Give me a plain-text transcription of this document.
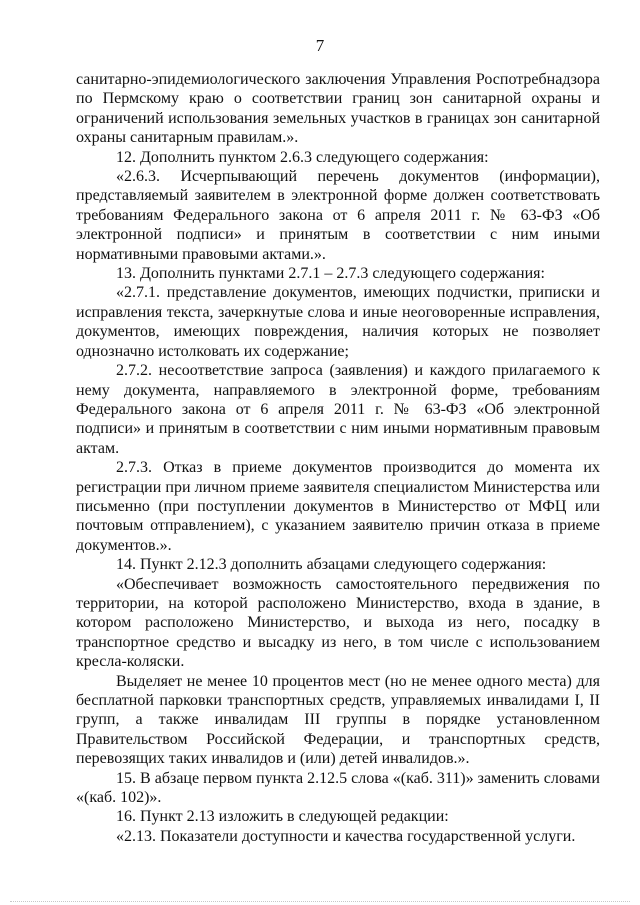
7

санитарно-эпидемиологического заключения Управления Роспотребнадзора по Пермскому краю о соответствии границ зон санитарной охраны и ограничений использования земельных участков в границах зон санитарной охраны санитарным правилам.».

12. Дополнить пунктом 2.6.3 следующего содержания:

«2.6.3. Исчерпывающий перечень документов (информации), представляемый заявителем в электронной форме должен соответствовать требованиям Федерального закона от 6 апреля 2011 г. № 63-ФЗ «Об электронной подписи» и принятым в соответствии с ним иными нормативными правовыми актами.».

13. Дополнить пунктами 2.7.1 – 2.7.3 следующего содержания:

«2.7.1. представление документов, имеющих подчистки, приписки и исправления текста, зачеркнутые слова и иные неоговоренные исправления, документов, имеющих повреждения, наличия которых не позволяет однозначно истолковать их содержание;

2.7.2. несоответствие запроса (заявления) и каждого прилагаемого к нему документа, направляемого в электронной форме, требованиям Федерального закона от 6 апреля 2011 г. № 63-ФЗ «Об электронной подписи» и принятым в соответствии с ним иными нормативным правовым актам.

2.7.3. Отказ в приеме документов производится до момента их регистрации при личном приеме заявителя специалистом Министерства или письменно (при поступлении документов в Министерство от МФЦ или почтовым отправлением), с указанием заявителю причин отказа в приеме документов.».

14. Пункт 2.12.3 дополнить абзацами следующего содержания:

«Обеспечивает возможность самостоятельного передвижения по территории, на которой расположено Министерство, входа в здание, в котором расположено Министерство, и выхода из него, посадку в транспортное средство и высадку из него, в том числе с использованием кресла-коляски.

Выделяет не менее 10 процентов мест (но не менее одного места) для бесплатной парковки транспортных средств, управляемых инвалидами I, II групп, а также инвалидам III группы в порядке установленном Правительством Российской Федерации, и транспортных средств, перевозящих таких инвалидов и (или) детей инвалидов.».

15. В абзаце первом пункта 2.12.5 слова «(каб. 311)» заменить словами «(каб. 102)».

16. Пункт 2.13 изложить в следующей редакции:

«2.13. Показатели доступности и качества государственной услуги.
